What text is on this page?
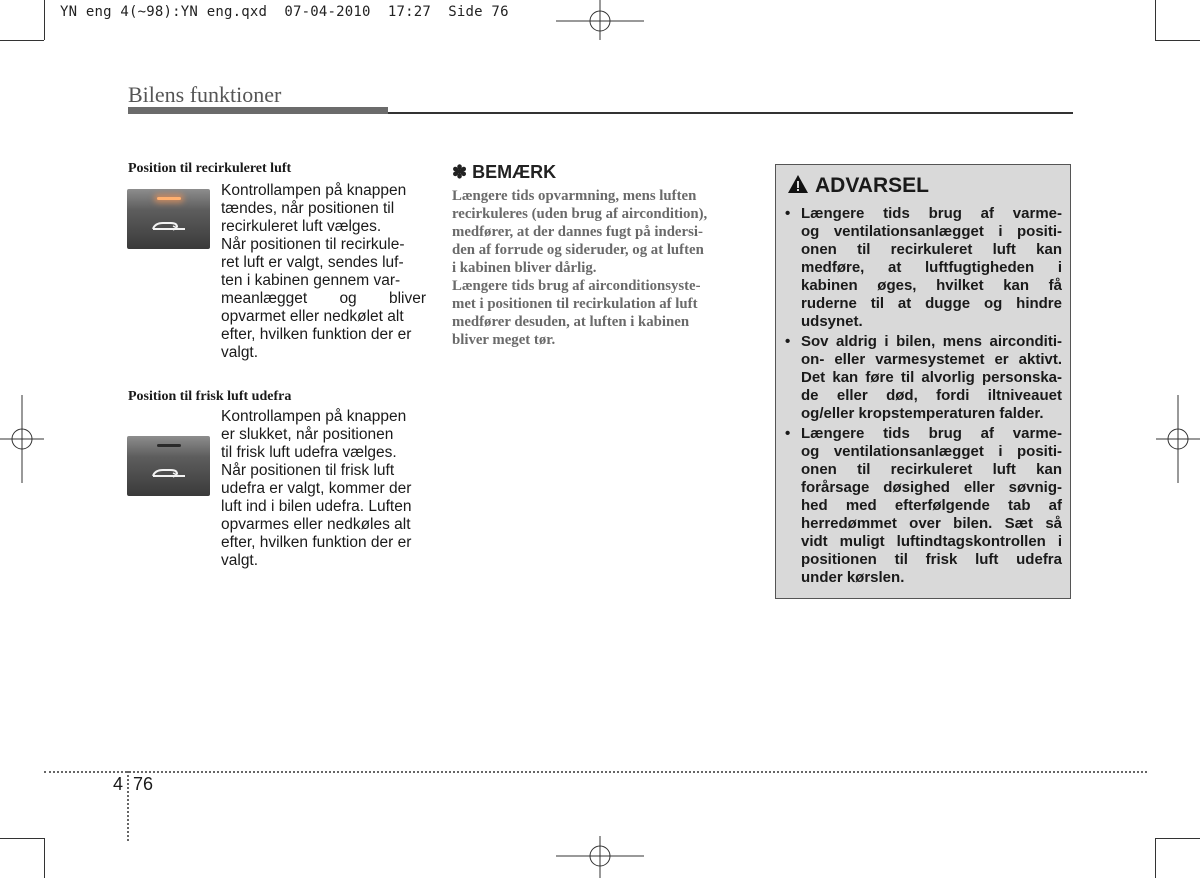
YN eng 4(~98):YN eng.qxd  07-04-2010  17:27  Side 76
Bilens funktioner
Position til recirkuleret luft
Kontrollampen på knappen
tændes, når positionen til
recirkuleret luft vælges.
Når positionen til recirkule-
ret luft er valgt, sendes luf-
ten i kabinen gennem var-
meanlægget og bliver
opvarmet eller nedkølet alt
efter, hvilken funktion der er
valgt.
Position til frisk luft udefra
Kontrollampen på knappen
er slukket, når positionen
til frisk luft udefra vælges.
Når positionen til frisk luft
udefra er valgt, kommer der
luft ind i bilen udefra. Luften
opvarmes eller nedkøles alt
efter, hvilken funktion der er
valgt.
✽ BEMÆRK
Længere tids opvarmning, mens luften
recirkuleres (uden brug af aircondition),
medfører, at der dannes fugt på indersi-
den af forrude og sideruder, og at luften
i kabinen bliver dårlig.
Længere tids brug af airconditionsyste-
met i positionen til recirkulation af luft
medfører desuden, at luften i kabinen
bliver meget tør.
ADVARSEL
• Længere tids brug af varme-
og ventilationsanlægget i positi-
onen til recirkuleret luft kan
medføre, at luftfugtigheden i
kabinen øges, hvilket kan få
ruderne til at dugge og hindre
udsynet.
• Sov aldrig i bilen, mens airconditi-
on- eller varmesystemet er aktivt.
Det kan føre til alvorlig personska-
de eller død, fordi iltniveauet
og/eller kropstemperaturen falder.
• Længere tids brug af varme-
og ventilationsanlægget i positi-
onen til recirkuleret luft kan
forårsage døsighed eller søvnig-
hed med efterfølgende tab af
herredømmet over bilen. Sæt så
vidt muligt luftindtagskontrollen i
positionen til frisk luft udefra
under kørslen.
4 76
